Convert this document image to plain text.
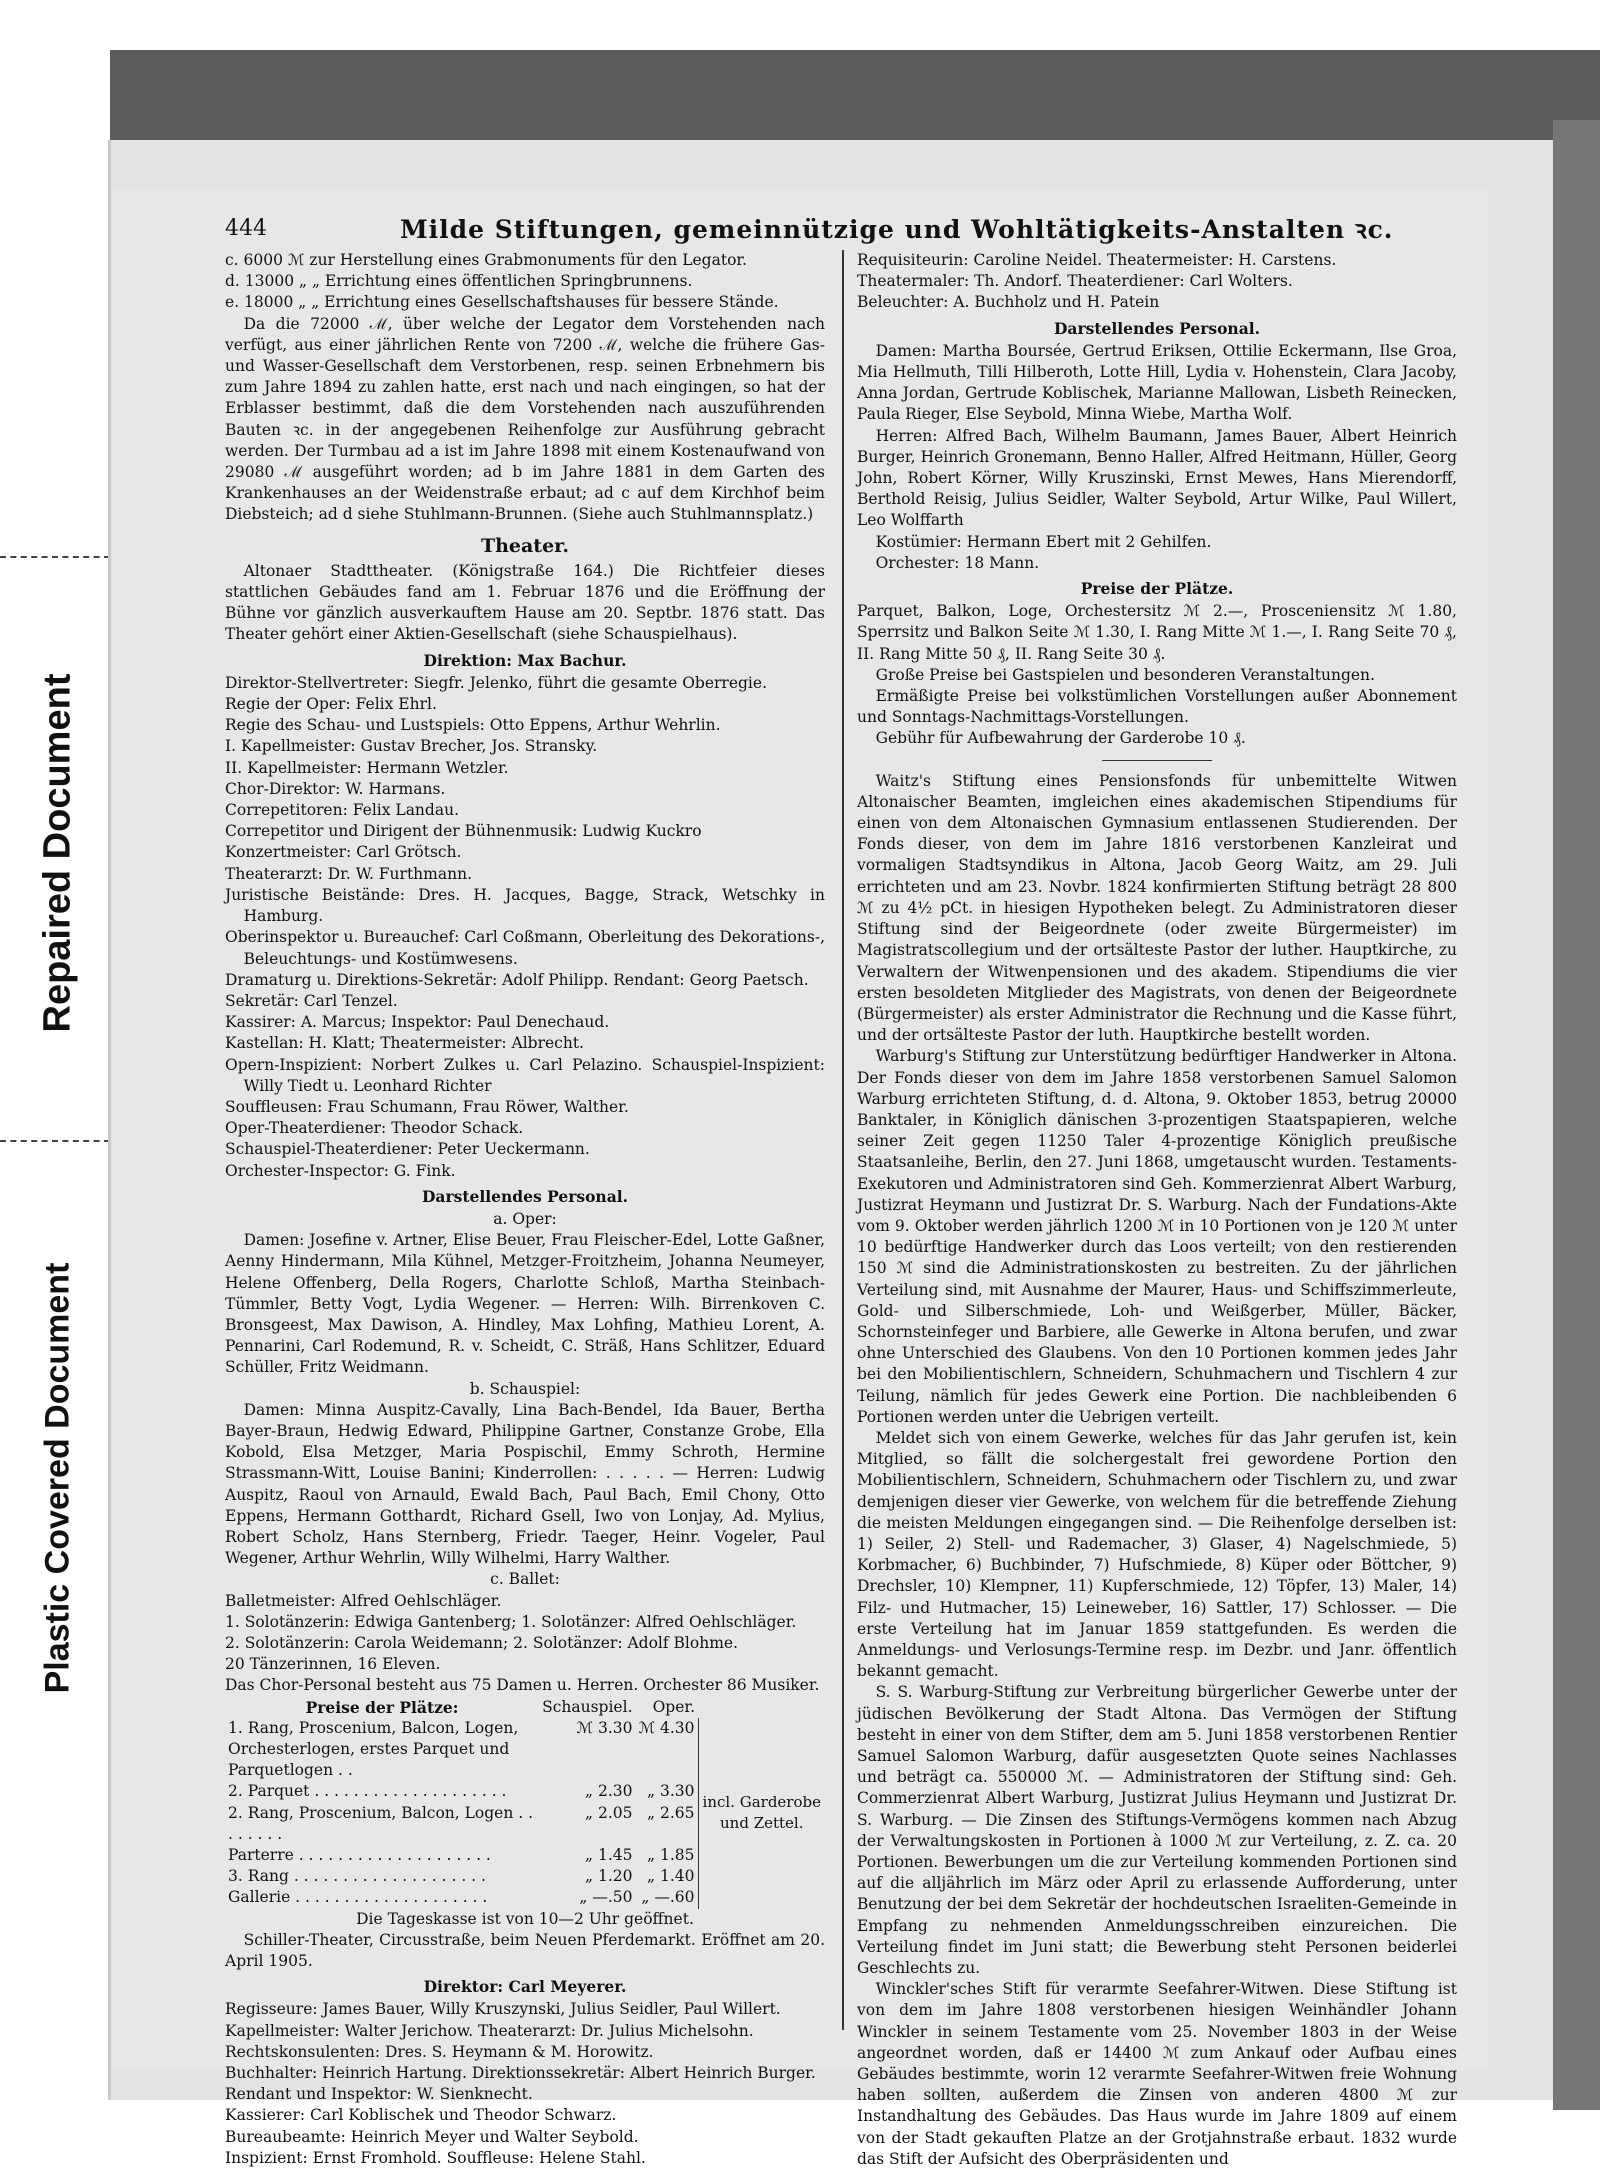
Repaired Document
Plastic Covered Document
444	Milde Stiftungen, gemeinnützige und Wohltätigkeits-Anstalten ꝛc.

c. 6000 ℳ zur Herstellung eines Grabmonuments für den Legator.

d. 13000 „ „ Errichtung eines öffentlichen Springbrunnens.

e. 18000 „ „ Errichtung eines Gesellschaftshauses für bessere Stände.

Da die 72000 ℳ, über welche der Legator dem Vorstehenden nach verfügt, aus einer jährlichen Rente von 7200 ℳ, welche die frühere Gas- und Wasser-Gesellschaft dem Verstorbenen, resp. seinen Erbnehmern bis zum Jahre 1894 zu zahlen hatte, erst nach und nach eingingen, so hat der Erblasser bestimmt, daß die dem Vorstehenden nach auszuführenden Bauten ꝛc. in der angegebenen Reihenfolge zur Ausführung gebracht werden. Der Turmbau ad a ist im Jahre 1898 mit einem Kostenaufwand von 29080 ℳ ausgeführt worden; ad b im Jahre 1881 in dem Garten des Krankenhauses an der Weidenstraße erbaut; ad c auf dem Kirchhof beim Diebsteich; ad d siehe Stuhlmann-Brunnen. (Siehe auch Stuhlmannsplatz.)

Theater.

Altonaer Stadttheater. (Königstraße 164.) Die Richtfeier dieses stattlichen Gebäudes fand am 1. Februar 1876 und die Eröffnung der Bühne vor gänzlich ausverkauftem Hause am 20. Septbr. 1876 statt. Das Theater gehört einer Aktien-Gesellschaft (siehe Schauspielhaus).

Direktion: Max Bachur.

Direktor-Stellvertreter: Siegfr. Jelenko, führt die gesamte Oberregie.

Regie der Oper: Felix Ehrl.

Regie des Schau- und Lustspiels: Otto Eppens, Arthur Wehrlin.

I. Kapellmeister: Gustav Brecher, Jos. Stransky.

II. Kapellmeister: Hermann Wetzler.

Chor-Direktor: W. Harmans.

Correpetitoren: Felix Landau.

Correpetitor und Dirigent der Bühnenmusik: Ludwig Kuckro

Konzertmeister: Carl Grötsch.

Theaterarzt: Dr. W. Furthmann.

Juristische Beistände: Dres. H. Jacques, Bagge, Strack, Wetschky in Hamburg.

Oberinspektor u. Bureauchef: Carl Coßmann, Oberleitung des Dekorations-, Beleuchtungs- und Kostümwesens.

Dramaturg u. Direktions-Sekretär: Adolf Philipp. Rendant: Georg Paetsch.

Sekretär: Carl Tenzel.

Kassirer: A. Marcus; Inspektor: Paul Denechaud.

Kastellan: H. Klatt; Theatermeister: Albrecht.

Opern-Inspizient: Norbert Zulkes u. Carl Pelazino. Schauspiel-Inspizient: Willy Tiedt u. Leonhard Richter

Souffleusen: Frau Schumann, Frau Röwer, Walther.

Oper-Theaterdiener: Theodor Schack.

Schauspiel-Theaterdiener: Peter Ueckermann.

Orchester-Inspector: G. Fink.

Darstellendes Personal.

a. Oper:

Damen: Josefine v. Artner, Elise Beuer, Frau Fleischer-Edel, Lotte Gaßner, Aenny Hindermann, Mila Kühnel, Metzger-Froitzheim, Johanna Neumeyer, Helene Offenberg, Della Rogers, Charlotte Schloß, Martha Steinbach-Tümmler, Betty Vogt, Lydia Wegener. — Herren: Wilh. Birrenkoven C. Bronsgeest, Max Dawison, A. Hindley, Max Lohfing, Mathieu Lorent, A. Pennarini, Carl Rodemund, R. v. Scheidt, C. Sträß, Hans Schlitzer, Eduard Schüller, Fritz Weidmann.

b. Schauspiel:

Damen: Minna Auspitz-Cavally, Lina Bach-Bendel, Ida Bauer, Bertha Bayer-Braun, Hedwig Edward, Philippine Gartner, Constanze Grobe, Ella Kobold, Elsa Metzger, Maria Pospischil, Emmy Schroth, Hermine Strassmann-Witt, Louise Banini; Kinderrollen: . . . . . — Herren: Ludwig Auspitz, Raoul von Arnauld, Ewald Bach, Paul Bach, Emil Chony, Otto Eppens, Hermann Gotthardt, Richard Gsell, Iwo von Lonjay, Ad. Mylius, Robert Scholz, Hans Sternberg, Friedr. Taeger, Heinr. Vogeler, Paul Wegener, Arthur Wehrlin, Willy Wilhelmi, Harry Walther.

c. Ballet:

Balletmeister: Alfred Oehlschläger.

1. Solotänzerin: Edwiga Gantenberg; 1. Solotänzer: Alfred Oehlschläger.

2. Solotänzerin: Carola Weidemann; 2. Solotänzer: Adolf Blohme.

20 Tänzerinnen, 16 Eleven.

Das Chor-Personal besteht aus 75 Damen u. Herren. Orchester 86 Musiker.

Preise der Plätze:	Schauspiel.	Oper.	
1. Rang, Proscenium, Balcon, Logen, Orchesterlogen, erstes Parquet und Parquetlogen . .	ℳ 3.30	ℳ 4.30	incl. Garderobe und Zettel.
2. Parquet . . . . . . . . . . . . . . . . . . . .	„ 2.30	„ 3.30	
2. Rang, Proscenium, Balcon, Logen . . . . . . . .	„ 2.05	„ 2.65	
Parterre . . . . . . . . . . . . . . . . . . . .	„ 1.45	„ 1.85	
3. Rang . . . . . . . . . . . . . . . . . . . .	„ 1.20	„ 1.40	
Gallerie . . . . . . . . . . . . . . . . . . . .	„ —.50	„ —.60	

Die Tageskasse ist von 10—2 Uhr geöffnet.

Schiller-Theater, Circusstraße, beim Neuen Pferdemarkt. Eröffnet am 20. April 1905.

Direktor: Carl Meyerer.

Regisseure: James Bauer, Willy Kruszynski, Julius Seidler, Paul Willert.

Kapellmeister: Walter Jerichow. Theaterarzt: Dr. Julius Michelsohn.

Rechtskonsulenten: Dres. S. Heymann & M. Horowitz.

Buchhalter: Heinrich Hartung. Direktionssekretär: Albert Heinrich Burger.

Rendant und Inspektor: W. Sienknecht.

Kassierer: Carl Koblischek und Theodor Schwarz.

Bureaubeamte: Heinrich Meyer und Walter Seybold.

Inspizient: Ernst Fromhold. Souffleuse: Helene Stahl.

Requisiteurin: Caroline Neidel. Theatermeister: H. Carstens.

Theatermaler: Th. Andorf. Theaterdiener: Carl Wolters.

Beleuchter: A. Buchholz und H. Patein

Darstellendes Personal.

Damen: Martha Boursée, Gertrud Eriksen, Ottilie Eckermann, Ilse Groa, Mia Hellmuth, Tilli Hilberoth, Lotte Hill, Lydia v. Hohenstein, Clara Jacoby, Anna Jordan, Gertrude Koblischek, Marianne Mallowan, Lisbeth Reinecken, Paula Rieger, Else Seybold, Minna Wiebe, Martha Wolf.

Herren: Alfred Bach, Wilhelm Baumann, James Bauer, Albert Heinrich Burger, Heinrich Gronemann, Benno Haller, Alfred Heitmann, Hüller, Georg John, Robert Körner, Willy Kruszinski, Ernst Mewes, Hans Mierendorff, Berthold Reisig, Julius Seidler, Walter Seybold, Artur Wilke, Paul Willert, Leo Wolffarth

Kostümier: Hermann Ebert mit 2 Gehilfen.

Orchester: 18 Mann.

Preise der Plätze.

Parquet, Balkon, Loge, Orchestersitz ℳ 2.—, Prosceniensitz ℳ 1.80, Sperrsitz und Balkon Seite ℳ 1.30, I. Rang Mitte ℳ 1.—, I. Rang Seite 70 ₰, II. Rang Mitte 50 ₰, II. Rang Seite 30 ₰.

Große Preise bei Gastspielen und besonderen Veranstaltungen.

Ermäßigte Preise bei volkstümlichen Vorstellungen außer Abonnement und Sonntags-Nachmittags-Vorstellungen.

Gebühr für Aufbewahrung der Garderobe 10 ₰.

Waitz's Stiftung eines Pensionsfonds für unbemittelte Witwen Altonaischer Beamten, imgleichen eines akademischen Stipendiums für einen von dem Altonaischen Gymnasium entlassenen Studierenden. Der Fonds dieser, von dem im Jahre 1816 verstorbenen Kanzleirat und vormaligen Stadtsyndikus in Altona, Jacob Georg Waitz, am 29. Juli errichteten und am 23. Novbr. 1824 konfirmierten Stiftung beträgt 28 800 ℳ zu 4½ pCt. in hiesigen Hypotheken belegt. Zu Administratoren dieser Stiftung sind der Beigeordnete (oder zweite Bürgermeister) im Magistratscollegium und der ortsälteste Pastor der luther. Hauptkirche, zu Verwaltern der Witwenpensionen und des akadem. Stipendiums die vier ersten besoldeten Mitglieder des Magistrats, von denen der Beigeordnete (Bürgermeister) als erster Administrator die Rechnung und die Kasse führt, und der ortsälteste Pastor der luth. Hauptkirche bestellt worden.

Warburg's Stiftung zur Unterstützung bedürftiger Handwerker in Altona. Der Fonds dieser von dem im Jahre 1858 verstorbenen Samuel Salomon Warburg errichteten Stiftung, d. d. Altona, 9. Oktober 1853, betrug 20000 Banktaler, in Königlich dänischen 3-prozentigen Staatspapieren, welche seiner Zeit gegen 11250 Taler 4-prozentige Königlich preußische Staatsanleihe, Berlin, den 27. Juni 1868, umgetauscht wurden. Testaments-Exekutoren und Administratoren sind Geh. Kommerzienrat Albert Warburg, Justizrat Heymann und Justizrat Dr. S. Warburg. Nach der Fundations-Akte vom 9. Oktober werden jährlich 1200 ℳ in 10 Portionen von je 120 ℳ unter 10 bedürftige Handwerker durch das Loos verteilt; von den restierenden 150 ℳ sind die Administrationskosten zu bestreiten. Zu der jährlichen Verteilung sind, mit Ausnahme der Maurer, Haus- und Schiffszimmerleute, Gold- und Silberschmiede, Loh- und Weißgerber, Müller, Bäcker, Schornsteinfeger und Barbiere, alle Gewerke in Altona berufen, und zwar ohne Unterschied des Glaubens. Von den 10 Portionen kommen jedes Jahr bei den Mobilientischlern, Schneidern, Schuhmachern und Tischlern 4 zur Teilung, nämlich für jedes Gewerk eine Portion. Die nachbleibenden 6 Portionen werden unter die Uebrigen verteilt.

Meldet sich von einem Gewerke, welches für das Jahr gerufen ist, kein Mitglied, so fällt die solchergestalt frei gewordene Portion den Mobilientischlern, Schneidern, Schuhmachern oder Tischlern zu, und zwar demjenigen dieser vier Gewerke, von welchem für die betreffende Ziehung die meisten Meldungen eingegangen sind. — Die Reihenfolge derselben ist: 1) Seiler, 2) Stell- und Rademacher, 3) Glaser, 4) Nagelschmiede, 5) Korbmacher, 6) Buchbinder, 7) Hufschmiede, 8) Küper oder Böttcher, 9) Drechsler, 10) Klempner, 11) Kupferschmiede, 12) Töpfer, 13) Maler, 14) Filz- und Hutmacher, 15) Leineweber, 16) Sattler, 17) Schlosser. — Die erste Verteilung hat im Januar 1859 stattgefunden. Es werden die Anmeldungs- und Verlosungs-Termine resp. im Dezbr. und Janr. öffentlich bekannt gemacht.

S. S. Warburg-Stiftung zur Verbreitung bürgerlicher Gewerbe unter der jüdischen Bevölkerung der Stadt Altona. Das Vermögen der Stiftung besteht in einer von dem Stifter, dem am 5. Juni 1858 verstorbenen Rentier Samuel Salomon Warburg, dafür ausgesetzten Quote seines Nachlasses und beträgt ca. 550000 ℳ. — Administratoren der Stiftung sind: Geh. Commerzienrat Albert Warburg, Justizrat Julius Heymann und Justizrat Dr. S. Warburg. — Die Zinsen des Stiftungs-Vermögens kommen nach Abzug der Verwaltungskosten in Portionen à 1000 ℳ zur Verteilung, z. Z. ca. 20 Portionen. Bewerbungen um die zur Verteilung kommenden Portionen sind auf die alljährlich im März oder April zu erlassende Aufforderung, unter Benutzung der bei dem Sekretär der hochdeutschen Israeliten-Gemeinde in Empfang zu nehmenden Anmeldungsschreiben einzureichen. Die Verteilung findet im Juni statt; die Bewerbung steht Personen beiderlei Geschlechts zu.

Winckler'sches Stift für verarmte Seefahrer-Witwen. Diese Stiftung ist von dem im Jahre 1808 verstorbenen hiesigen Weinhändler Johann Winckler in seinem Testamente vom 25. November 1803 in der Weise angeordnet worden, daß er 14400 ℳ zum Ankauf oder Aufbau eines Gebäudes bestimmte, worin 12 verarmte Seefahrer-Witwen freie Wohnung haben sollten, außerdem die Zinsen von anderen 4800 ℳ zur Instandhaltung des Gebäudes. Das Haus wurde im Jahre 1809 auf einem von der Stadt gekauften Platze an der Grotjahnstraße erbaut. 1832 wurde das Stift der Aufsicht des Oberpräsidenten und
